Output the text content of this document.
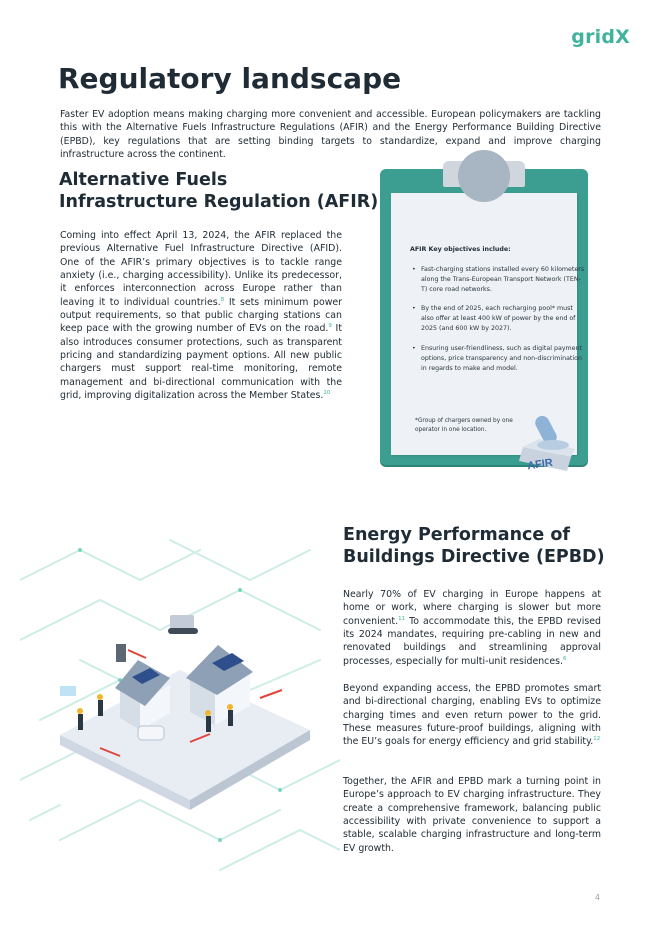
gridX
Regulatory landscape

Faster EV adoption means making charging more convenient and accessible. European policymakers are tackling this with the Alternative Fuels Infrastructure Regulations (AFIR) and the Energy Performance Building Directive (EPBD), key regulations that are setting binding targets to standardize, expand and improve charging infrastructure across the continent.

Alternative Fuels
Infrastructure Regulation (AFIR)

Coming into effect April 13, 2024, the AFIR replaced the previous Alternative Fuel Infrastructure Directive (AFID). One of the AFIR’s primary objectives is to tackle range anxiety (i.e., charging accessibility). Unlike its predecessor, it enforces interconnection across Europe rather than leaving it to individual countries.$^8$ It sets minimum power output requirements, so that public charging stations can keep pace with the growing number of EVs on the road.$^9$ It also introduces consumer protections, such as transparent pricing and standardizing payment options. All new public chargers must support real-time monitoring, remote management and bi-directional communication with the grid, improving digitalization across the Member States.$^{10}$

AFIR Key objectives include:

• Fast-charging stations installed every 60 kilometers along the Trans-European Transport Network (TEN-T) core road networks.
• By the end of 2025, each recharging pool* must also offer at least 400 kW of power by the end of 2025 (and 600 kW by 2027).
• Ensuring user-friendliness, such as digital payment options, price transparency and non-discrimination in regards to make and model.

*Group of chargers owned by one operator in one location.

AFIR
Energy Performance of
Buildings Directive (EPBD)

Nearly 70% of EV charging in Europe happens at home or work, where charging is slower but more convenient.$^{11}$ To accommodate this, the EPBD revised its 2024 mandates, requiring pre-cabling in new and renovated buildings and streamlining approval processes, especially for multi-unit residences.$^6$

Beyond expanding access, the EPBD promotes smart and bi-directional charging, enabling EVs to optimize charging times and even return power to the grid. These measures future-proof buildings, aligning with the EU’s goals for energy efficiency and grid stability.$^{12}$

Together, the AFIR and EPBD mark a turning point in Europe’s approach to EV charging infrastructure. They create a comprehensive framework, balancing public accessibility with private convenience to support a stable, scalable charging infrastructure and long-term EV growth.

4
